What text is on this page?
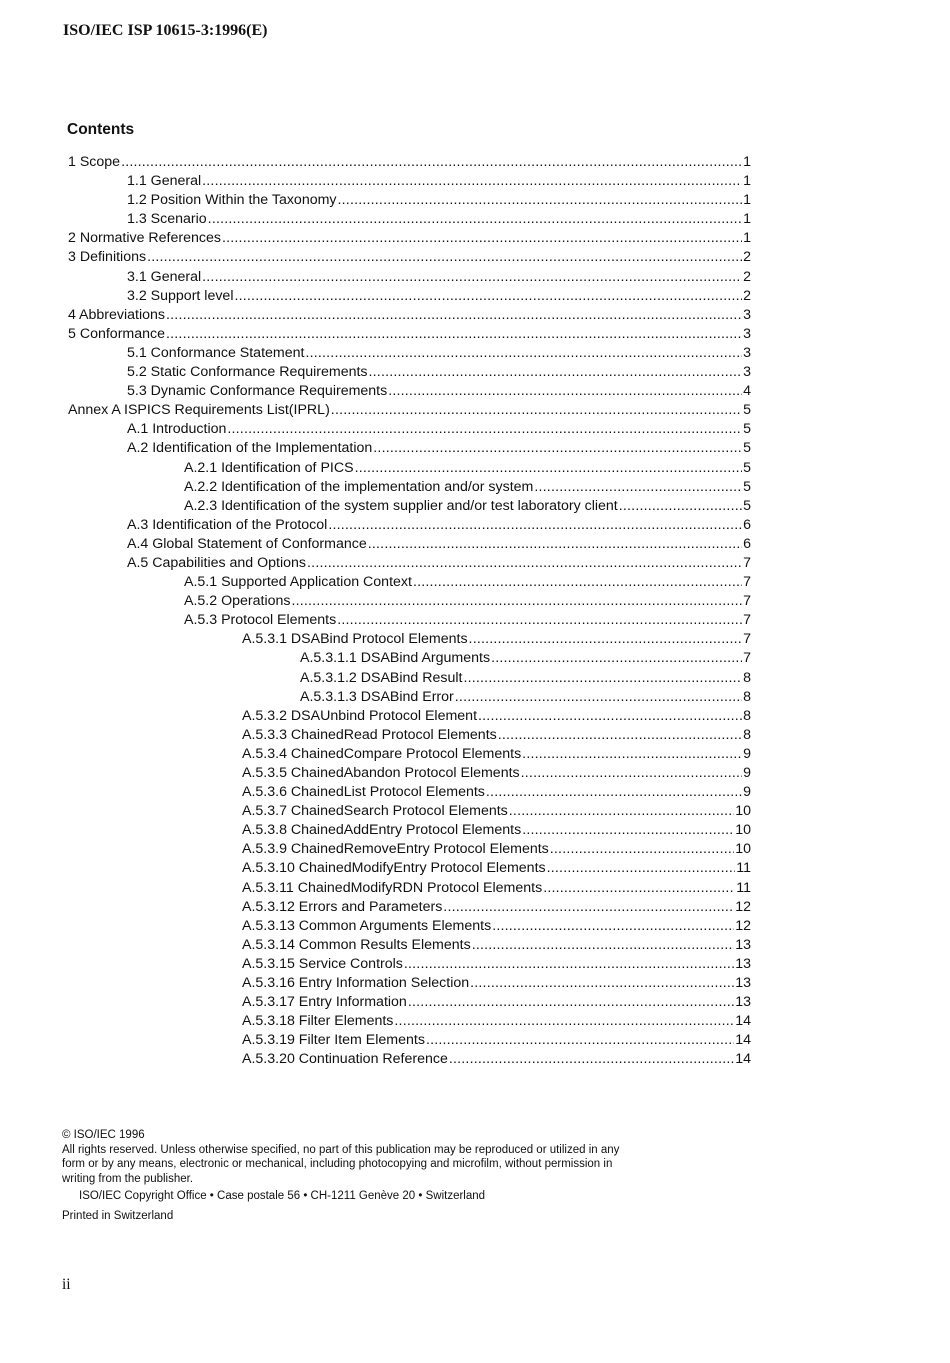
ISO/IEC ISP 10615-3:1996(E)
Contents
1 Scope .....	1
1.1 General .....	1
1.2 Position Within the Taxonomy .....	1
1.3 Scenario .....	1
2 Normative References .....	1
3 Definitions .....	2
3.1 General .....	2
3.2 Support level .....	2
4 Abbreviations .....	3
5 Conformance .....	3
5.1 Conformance Statement .....	3
5.2 Static Conformance Requirements .....	3
5.3 Dynamic Conformance Requirements .....	4
Annex A ISPICS Requirements List(IPRL) .....	5
A.1 Introduction .....	5
A.2 Identification of the Implementation .....	5
A.2.1 Identification of PICS .....	5
A.2.2 Identification of the implementation and/or system .....	5
A.2.3 Identification of the system supplier and/or test laboratory client .....	5
A.3 Identification of the Protocol .....	6
A.4 Global Statement of Conformance .....	6
A.5 Capabilities and Options .....	7
A.5.1 Supported Application Context .....	7
A.5.2 Operations .....	7
A.5.3 Protocol Elements .....	7
A.5.3.1 DSABind Protocol Elements .....	7
A.5.3.1.1 DSABind Arguments .....	7
A.5.3.1.2 DSABind Result .....	8
A.5.3.1.3 DSABind Error .....	8
A.5.3.2 DSAUnbind Protocol Element .....	8
A.5.3.3 ChainedRead Protocol Elements .....	8
A.5.3.4 ChainedCompare Protocol Elements .....	9
A.5.3.5 ChainedAbandon Protocol Elements .....	9
A.5.3.6 ChainedList Protocol Elements .....	9
A.5.3.7 ChainedSearch Protocol Elements .....	10
A.5.3.8 ChainedAddEntry Protocol Elements .....	10
A.5.3.9 ChainedRemoveEntry Protocol Elements .....	10
A.5.3.10 ChainedModifyEntry Protocol Elements .....	11
A.5.3.11 ChainedModifyRDN Protocol Elements .....	11
A.5.3.12 Errors and Parameters .....	12
A.5.3.13 Common Arguments Elements .....	12
A.5.3.14 Common Results Elements .....	13
A.5.3.15 Service Controls .....	13
A.5.3.16 Entry Information Selection .....	13
A.5.3.17 Entry Information .....	13
A.5.3.18 Filter Elements .....	14
A.5.3.19 Filter Item Elements .....	14
A.5.3.20 Continuation Reference .....	14
© ISO/IEC 1996
All rights reserved. Unless otherwise specified, no part of this publication may be reproduced or utilized in any form or by any means, electronic or mechanical, including photocopying and microfilm, without permission in writing from the publisher.
ISO/IEC Copyright Office • Case postale 56 • CH-1211 Genève 20 • Switzerland
Printed in Switzerland
ii
